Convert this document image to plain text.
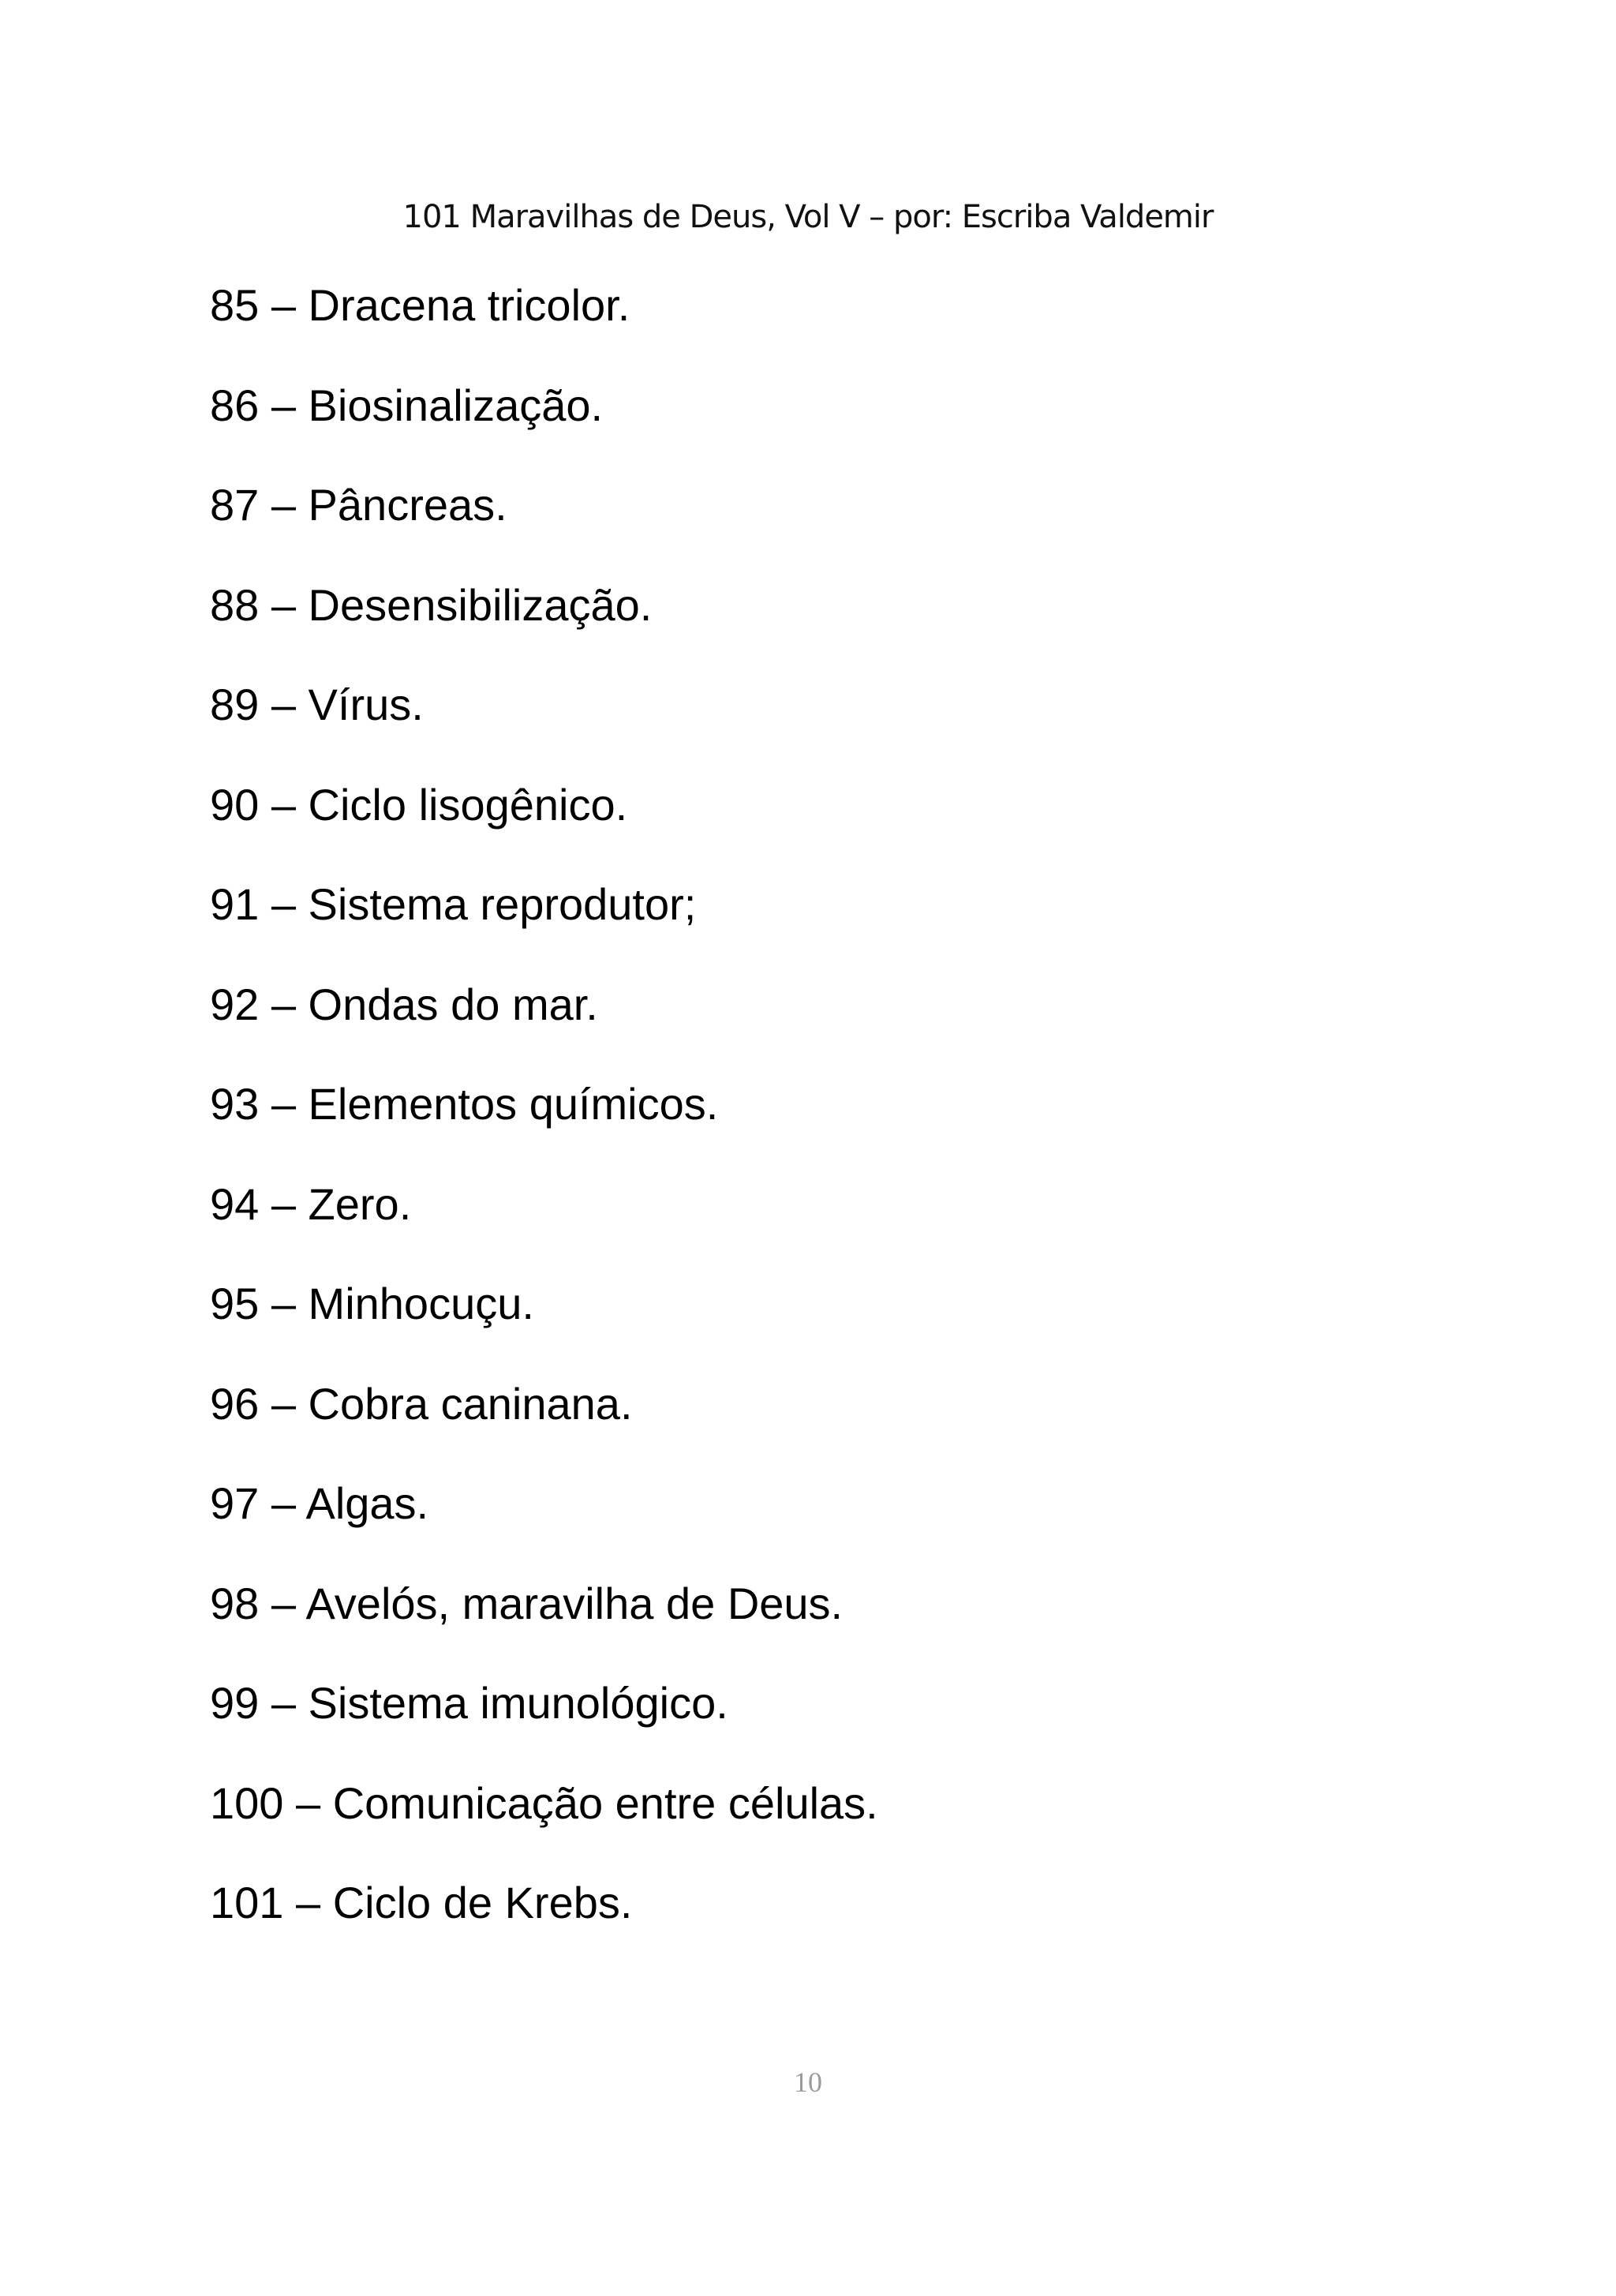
101 Maravilhas de Deus, Vol V – por: Escriba Valdemir
85 – Dracena tricolor.
86 – Biosinalização.
87 – Pâncreas.
88 – Desensibilização.
89 – Vírus.
90 – Ciclo lisogênico.
91 – Sistema reprodutor;
92 – Ondas do mar.
93 – Elementos químicos.
94 – Zero.
95 – Minhocuçu.
96 – Cobra caninana.
97 – Algas.
98 – Avelós, maravilha de Deus.
99 – Sistema imunológico.
100 – Comunicação entre células.
101 – Ciclo de Krebs.
10
